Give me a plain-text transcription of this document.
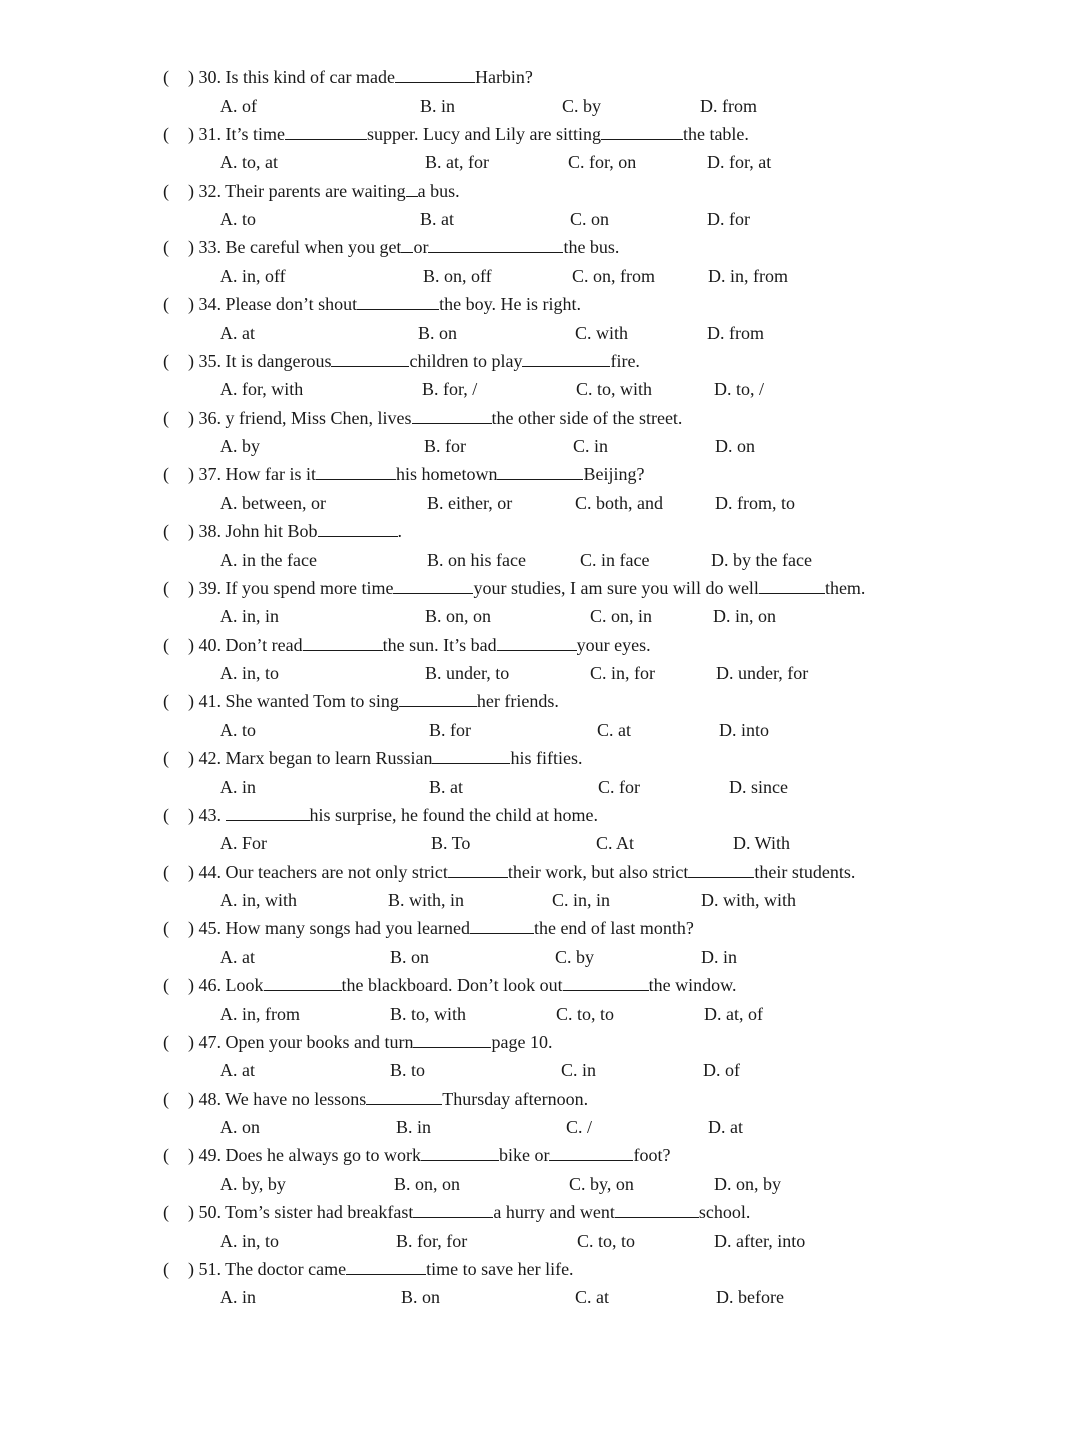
( ) 30. Is this kind of car made	Harbin?
A. of	B. in	C. by	D. from
( ) 31. It’s time	supper. Lucy and Lily are sitting	the table.
A. to, at	B. at, for	C. for, on	D. for, at
( ) 32. Their parents are waiting a bus.
A. to	B. at	C. on	D. for
( ) 33. Be careful when you get or	the bus.
A. in, off	B. on, off	C. on, from	D. in, from
( ) 34. Please don’t shout	the boy. He is right.
A. at	B. on	C. with	D. from
( ) 35. It is dangerous	children to play	fire.
A. for, with	B. for, /	C. to, with	D. to, /
( ) 36. y friend, Miss Chen, lives	the other side of the street.
A. by	B. for	C. in	D. on
( ) 37. How far is it	his hometown	Beijing?
A. between, or	B. either, or	C. both, and	D. from, to
( ) 38. John hit Bob	.
A. in the face	B. on his face	C. in face	D. by the face
( ) 39. If you spend more time	your studies, I am sure you will do well	them.
A. in, in	B. on, on	C. on, in	D. in, on
( ) 40. Don’t read	the sun. It’s bad	your eyes.
A. in, to	B. under, to	C. in, for	D. under, for
( ) 41. She wanted Tom to sing	her friends.
A. to	B. for	C. at	D. into
( ) 42. Marx began to learn Russian	his fifties.
A. in	B. at	C. for	D. since
( ) 43.	his surprise, he found the child at home.
A. For	B. To	C. At	D. With
( ) 44. Our teachers are not only strict	their work, but also strict	their students.
A. in, with	B. with, in	C. in, in	D. with, with
( ) 45. How many songs had you learned	the end of last month?
A. at	B. on	C. by	D. in
( ) 46. Look	the blackboard. Don’t look out	the window.
A. in, from	B. to, with	C. to, to	D. at, of
( ) 47. Open your books and turn	page 10.
A. at	B. to	C. in	D. of
( ) 48. We have no lessons	Thursday afternoon.
A. on	B. in	C. /	D. at
( ) 49. Does he always go to work	bike or	foot?
A. by, by	B. on, on	C. by, on	D. on, by
( ) 50. Tom’s sister had breakfast	a hurry and went	school.
A. in, to	B. for, for	C. to, to	D. after, into
( ) 51. The doctor came	time to save her life.
A. in	B. on	C. at	D. before
